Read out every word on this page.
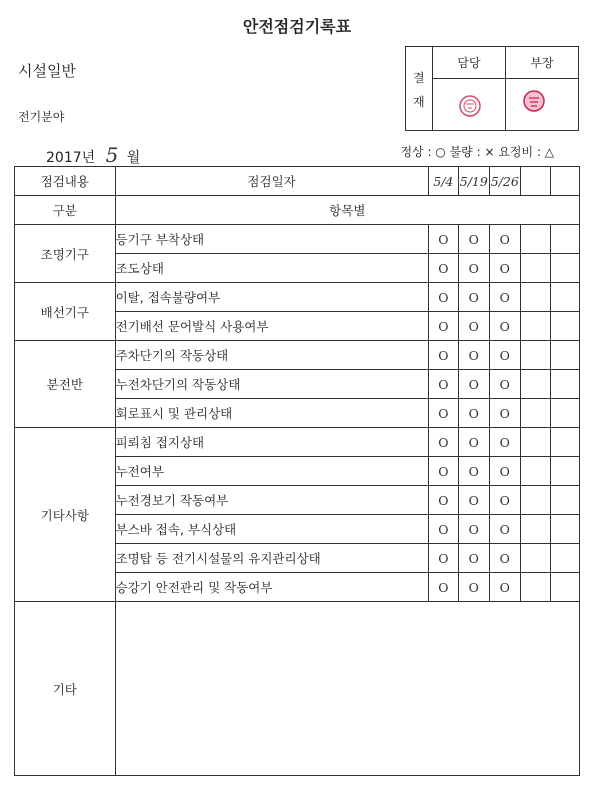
안전점검기록표
시설일반
전기분야
2017년 5 월	정상 : ○ 불량 : × 요정비 : △
결
재
담당	부장
점검내용	점검일자	5/4	5/19	5/26		
구분	항목별					
조명기구	등기구 부착상태	O	O	O		
	조도상태	O	O	O		
배선기구	이탈, 접속불량여부	O	O	O		
	전기배선 문어발식 사용여부	O	O	O		
분전반	주차단기의 작동상태	O	O	O		
	누전차단기의 작동상태	O	O	O		
	회로표시 및 관리상태	O	O	O		
기타사항	피뢰침 접지상태	O	O	O		
	누전여부	O	O	O		
	누전경보기 작동여부	O	O	O		
	부스바 접속, 부식상태	O	O	O		
	조명탑 등 전기시설물의 유지관리상태	O	O	O		
	승강기 안전관리 및 작동여부	O	O	O		
기타						
